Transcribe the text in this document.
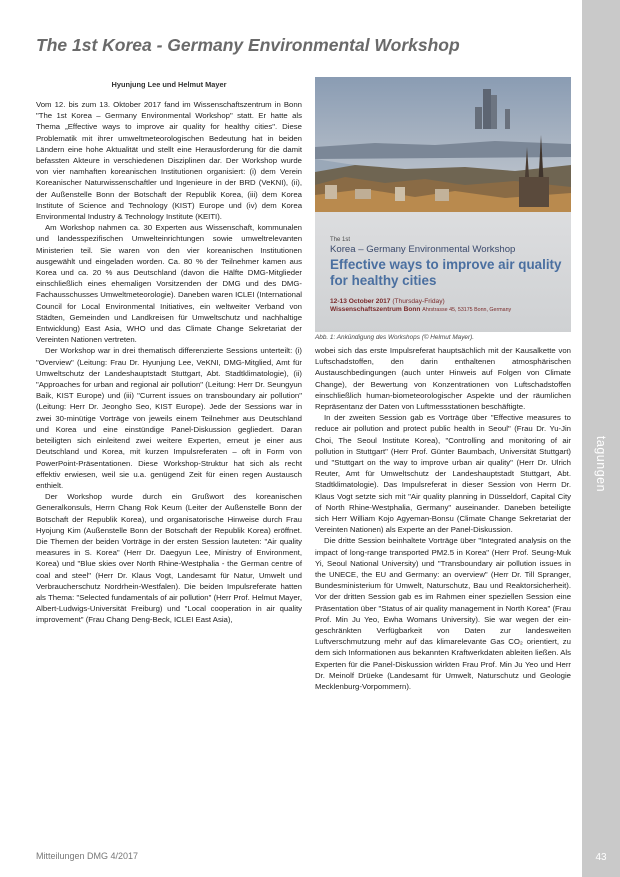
The 1st Korea - Germany Environmental Workshop
tagungen
43
Hyunjung Lee und Helmut Mayer

Vom 12. bis zum 13. Oktober 2017 fand im Wissenschaftszentrum in Bonn "The 1st Korea – Germany Environmental Workshop" statt. Er hatte als Thema „Effective ways to improve air quality for healthy cities". Diese Problematik mit ihrer umweltmeteorologischen Bedeutung hat in beiden Ländern eine hohe Aktualität und stellt eine Herausforderung für die damit befassten Akteure in verschiedenen Disziplinen dar. Der Workshop wurde von vier namhaften koreanischen Institutionen organisiert: (i) dem Verein Koreanischer Naturwissenschaftler und Ingenieure in der BRD (VeKNI), (ii), der Außenstelle Bonn der Botschaft der Republik Korea, (iii) dem Korea Institute of Science and Technology (KIST) Europe und (iv) dem Korea Environmental Industry & Technology Institute (KEITI).

Am Workshop nahmen ca. 30 Experten aus Wissenschaft, kommunalen und landesspezifischen Umwelteinrichtungen sowie umweltrelevanten Ministerien teil. Sie waren von den vier koreanischen Institutionen ausgewählt und eingeladen worden. Ca. 80 % der Teilnehmer kamen aus Korea und ca. 20 % aus Deutschland (davon die Hälfte DMG-Mitglieder einschließlich eines ehemaligen Vorsitzenden der DMG und des DMG-Fachausschusses Umweltmeteorologie). Daneben waren ICLEI (International Council for Local Environmental Initiatives, ein weltweiter Verband von Städten, Gemeinden und Landkreisen für Umweltschutz und nachhaltige Entwicklung) East Asia, WHO und das Climate Change Sekretariat der Vereinten Nationen vertreten.

Der Workshop war in drei thematisch differenzierte Sessions unterteilt: (i) "Overview" (Leitung: Frau Dr. Hyunjung Lee, VeKNI, DMG-Mitglied, Amt für Umweltschutz der Landeshauptstadt Stuttgart, Abt. Stadtklimatologie), (ii) "Approaches for urban and regional air pollution" (Leitung: Herr Dr. Seungyun Baik, KIST Europe) und (iii) "Current issues on transboundary air pollution" (Leitung: Herr Dr. Jeongho Seo, KIST Europe). Jede der Sessions war in zwei 30-minütige Vorträge von jeweils einem Teilnehmer aus Deutschland und Korea und eine einstündige Panel-Diskussion gegliedert. Daran beteiligten sich einleitend zwei weitere Experten, erneut je einer aus Deutschland und Korea, mit kurzen Impulsreferaten – oft in Form von PowerPoint-Präsentationen. Diese Workshop-Struktur hat sich als recht effektiv erwiesen, weil sie u.a. genügend Zeit für einen regen Austausch enthielt.

Der Workshop wurde durch ein Grußwort des koreanischen Generalkonsuls, Herrn Chang Rok Keum (Leiter der Außenstelle Bonn der Botschaft der Republik Korea), und organisatorische Hinweise durch Frau Hyojung Kim (Außenstelle Bonn der Botschaft der Republik Korea) eröffnet. Die Themen der beiden Vorträge in der ersten Session lauteten: "Air quality measures in S. Korea" (Herr Dr. Daegyun Lee, Ministry of Environment, Korea) und "Blue skies over North Rhine-Westphalia - the German centre of coal and steel" (Herr Dr. Klaus Vogt, Landesamt für Natur, Umwelt und Verbraucherschutz Nordrhein-Westfalen). Die beiden Impulsreferate hatten als Thema: "Selected fundamentals of air pollution" (Herr Prof. Helmut Mayer, Albert-Ludwigs-Universität Freiburg) und "Local cooperation in air quality improvement" (Frau Chang Deng-Beck, ICLEI East Asia),

The 1st
Korea – Germany Environmental Workshop
Effective ways to improve air quality for healthy cities
12-13 October 2017 (Thursday-Friday)
Wissenschaftszentrum Bonn Ahrstrasse 45, 53175 Bonn, Germany
Abb. 1: Ankündigung des Workshops (© Helmut Mayer).

wobei sich das erste Impulsreferat hauptsächlich mit der Kausalkette von Luftschadstoffen, den darin enthaltenen atmosphärischen Austauschbedingungen (auch unter Hinweis auf Folgen von Climate Change), der Bewertung von Konzentrationen von Luftschadstoffen einschließlich human-biometeorologischer Aspekte und der räumlichen Repräsentanz der Daten von Luftmessstationen beschäftigte.

In der zweiten Session gab es Vorträge über "Effective measures to reduce air pollution and protect public health in Seoul" (Frau Dr. Yu-Jin Choi, The Seoul Institute Korea), "Controlling and monitoring of air pollution in Stuttgart" (Herr Prof. Günter Baumbach, Universität Stuttgart) und "Stuttgart on the way to improve urban air quality" (Herr Dr. Ulrich Reuter, Amt für Umweltschutz der Landeshauptstadt Stuttgart, Abt. Stadtklimatologie). Das Impulsreferat in dieser Session von Herrn Dr. Klaus Vogt setzte sich mit "Air quality planning in Düsseldorf, Capital City of North Rhine-Westphalia, Germany" auseinander. Daneben beteiligte sich Herr William Kojo Agyeman-Bonsu (Climate Change Sekretariat der Vereinten Nationen) als Experte an der Panel-Diskussion.

Die dritte Session beinhaltete Vorträge über "Integrated analysis on the impact of long-range transported PM2.5 in Korea" (Herr Prof. Seung-Muk Yi, Seoul National University) und "Transboundary air pollution issues in the UNECE, the EU and Germany: an overview" (Herr Dr. Till Spranger, Bundesministerium für Umwelt, Naturschutz, Bau und Reaktorsicherheit). Vor der dritten Session gab es im Rahmen einer speziellen Session eine Präsentation über "Status of air quality management in North Korea" (Frau Prof. Min Ju Yeo, Ewha Womans University). Sie war wegen der eingeschränkten Verfügbarkeit von Daten zur landesweiten Luftverschmutzung mehr auf das klimarelevante Gas CO₂ orientiert, zu dem sich Informationen aus bekannten Kraftwerkdaten ableiten ließen. Als Experten für die Panel-Diskussion wirkten Frau Prof. Min Ju Yeo und Herr Dr. Meinolf Drüeke (Landesamt für Umwelt, Naturschutz und Geologie Mecklenburg-Vorpommern).

Mitteilungen DMG 4/2017
